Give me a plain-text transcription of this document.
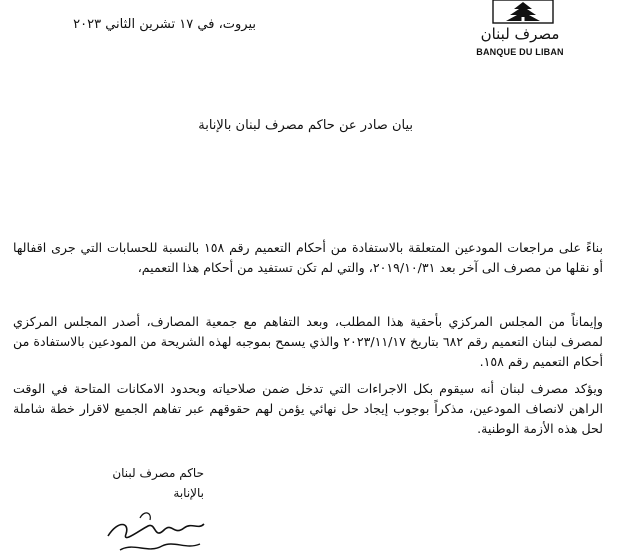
مصرف لبنان
BANQUE DU LIBAN
بيروت، في ١٧ تشرين الثاني ٢٠٢٣
بيان صادر عن حاكم مصرف لبنان بالإنابة
بناءً على مراجعات المودعين المتعلقة بالاستفادة من أحكام التعميم رقم ١٥٨ بالنسبة للحسابات التي جرى اقفالها أو نقلها من مصرف الى آخر بعد ٢٠١٩/١٠/٣١، والتي لم تكن تستفيد من أحكام هذا التعميم،
وإيماناً من المجلس المركزي بأحقية هذا المطلب، وبعد التفاهم مع جمعية المصارف، أصدر المجلس المركزي لمصرف لبنان التعميم رقم ٦٨٢ بتاريخ ٢٠٢٣/١١/١٧ والذي يسمح بموجبه لهذه الشريحة من المودعين بالاستفادة من أحكام التعميم رقم ١٥٨.
ويؤكد مصرف لبنان أنه سيقوم بكل الاجراءات التي تدخل ضمن صلاحياته وبحدود الامكانات المتاحة في الوقت الراهن لانصاف المودعين، مذكراً بوجوب إيجاد حل نهائي يؤمن لهم حقوقهم عبر تفاهم الجميع لاقرار خطة شاملة لحل هذه الأزمة الوطنية.
حاكم مصرف لبنان
بالإنابة
